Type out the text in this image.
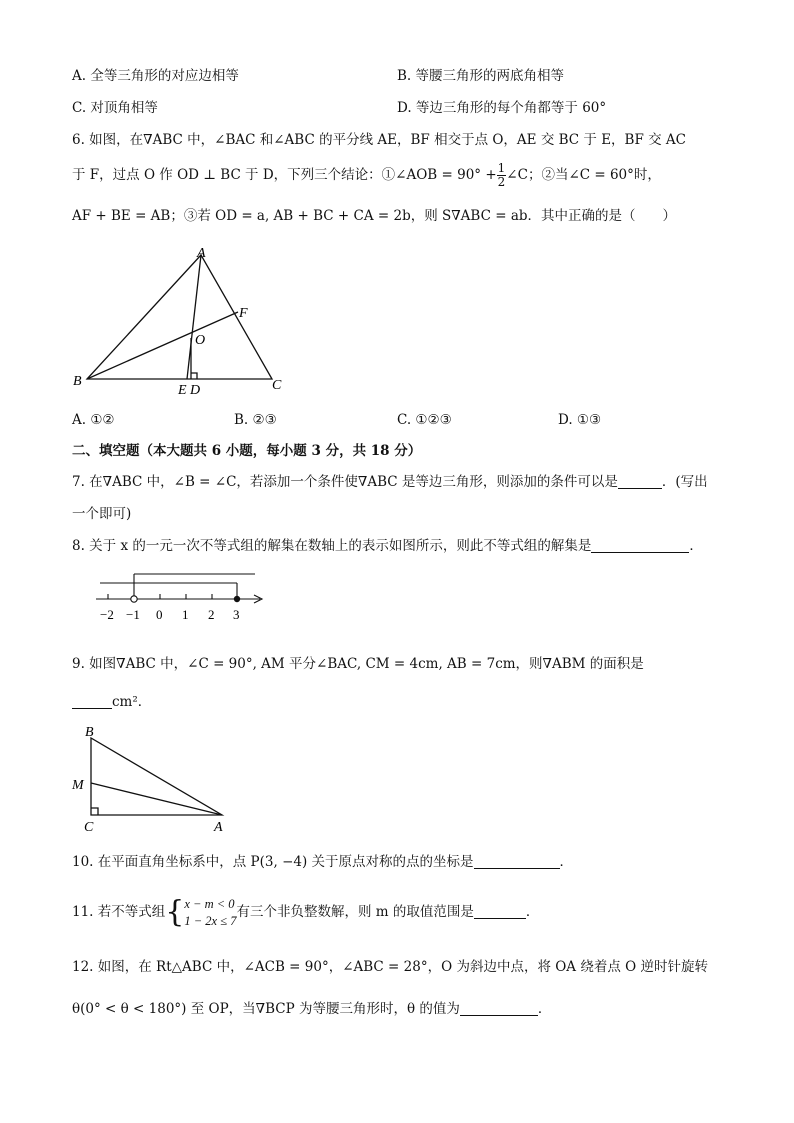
A. 全等三角形的对应边相等	B. 等腰三角形的两底角相等
C. 对顶角相等	D. 等边三角形的每个角都等于 60°
6. 如图，在∇ABC 中，∠BAC 和∠ABC 的平分线 AE，BF 相交于点 O，AE 交 BC 于 E，BF 交 AC
于 F，过点 O 作 OD ⊥ BC 于 D，下列三个结论：①∠AOB = $90^\circ + \frac{1}{2}$ ∠C；②当∠C = 60°时，
AF + BE = AB；③若 OD = a, AB + BC + CA = 2b，则 S∇ABC = ab．其中正确的是（　　）
A
B	C
E D
O
F
A. ①②	B. ②③	C. ①②③	D. ①③
二、填空题（本大题共 6 小题，每小题 3 分，共 18 分）
7. 在∇ABC 中，∠B = ∠C，若添加一个条件使∇ABC 是等边三角形，则添加的条件可以是	．(写出
一个即可)
8. 关于 x 的一元一次不等式组的解集在数轴上的表示如图所示，则此不等式组的解集是	．
−2 −1 0 1 2 3
9. 如图∇ABC 中，∠C = 90°, AM 平分∠BAC, CM = 4cm, AB = 7cm，则∇ABM 的面积是
cm²．
B
M
C	A
10. 在平面直角坐标系中，点 P(3, −4) 关于原点对称的点的坐标是	．
11. 若不等式组{ x − m < 0
1 − 2x ≤ 7
有三个非负整数解，则 m 的取值范围是	．
12. 如图，在 Rt△ABC 中，∠ACB = 90°，∠ABC = 28°，O 为斜边中点，将 OA 绕着点 O 逆时针旋转
θ(0° < θ < 180°) 至 OP，当∇BCP 为等腰三角形时，θ 的值为	．
